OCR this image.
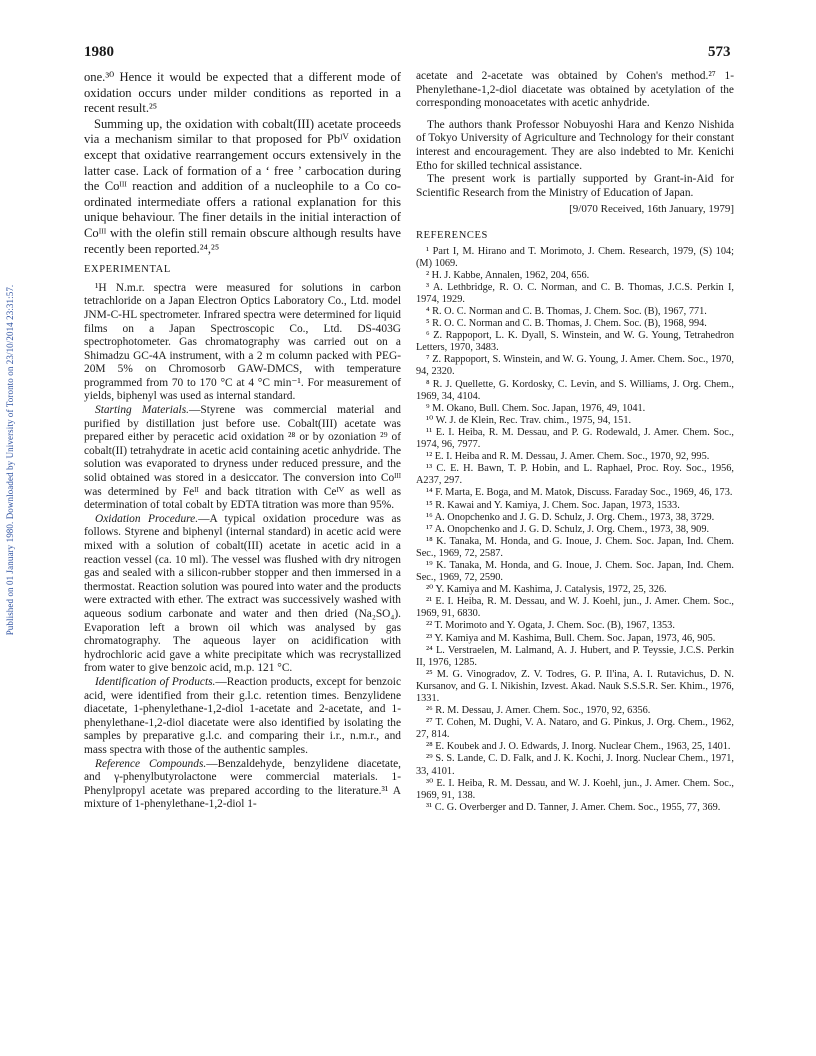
Published on 01 January 1980. Downloaded by University of Toronto on 23/10/2014 23:31:57.
1980	573

one.³⁰ Hence it would be expected that a different mode of oxidation occurs under milder conditions as reported in a recent result.²⁵

Summing up, the oxidation with cobalt(III) acetate proceeds via a mechanism similar to that proposed for Pbᴵⱽ oxidation except that oxidative rearrangement occurs extensively in the latter case. Lack of formation of a ‘ free ’ carbocation during the Coᴵᴵᴵ reaction and addition of a nucleophile to a Co co-ordinated intermediate offers a rational explanation for this unique behaviour. The finer details in the initial interaction of Coᴵᴵᴵ with the olefin still remain obscure although results have recently been reported.²⁴,²⁵

EXPERIMENTAL

¹H N.m.r. spectra were measured for solutions in carbon tetrachloride on a Japan Electron Optics Laboratory Co., Ltd. model JNM-C-HL spectrometer. Infrared spectra were determined for liquid films on a Japan Spectroscopic Co., Ltd. DS-403G spectrophotometer. Gas chromatography was carried out on a Shimadzu GC-4A instrument, with a 2 m column packed with PEG-20M 5% on Chromosorb GAW-DMCS, with temperature programmed from 70 to 170 °C at 4 °C min⁻¹. For measurement of yields, biphenyl was used as internal standard.

Starting Materials.—Styrene was commercial material and purified by distillation just before use. Cobalt(III) acetate was prepared either by peracetic acid oxidation ²⁸ or by ozoniation ²⁹ of cobalt(II) tetrahydrate in acetic acid containing acetic anhydride. The solution was evaporated to dryness under reduced pressure, and the solid obtained was stored in a desiccator. The conversion into Coᴵᴵᴵ was determined by Feᴵᴵ and back titration with Ceᴵⱽ as well as determination of total cobalt by EDTA titration was more than 95%.

Oxidation Procedure.—A typical oxidation procedure was as follows. Styrene and biphenyl (internal standard) in acetic acid were mixed with a solution of cobalt(III) acetate in acetic acid in a reaction vessel (ca. 10 ml). The vessel was flushed with dry nitrogen gas and sealed with a silicon-rubber stopper and then immersed in a thermostat. Reaction solution was poured into water and the products were extracted with ether. The extract was successively washed with aqueous sodium carbonate and water and then dried (Na₂SO₄). Evaporation left a brown oil which was analysed by gas chromatography. The aqueous layer on acidification with hydrochloric acid gave a white precipitate which was recrystallized from water to give benzoic acid, m.p. 121 °C.

Identification of Products.—Reaction products, except for benzoic acid, were identified from their g.l.c. retention times. Benzylidene diacetate, 1-phenylethane-1,2-diol 1-acetate and 2-acetate, and 1-phenylethane-1,2-diol diacetate were also identified by isolating the samples by preparative g.l.c. and comparing their i.r., n.m.r., and mass spectra with those of the authentic samples.

Reference Compounds.—Benzaldehyde, benzylidene diacetate, and γ-phenylbutyrolactone were commercial materials. 1-Phenylpropyl acetate was prepared according to the literature.³¹ A mixture of 1-phenylethane-1,2-diol 1-

acetate and 2-acetate was obtained by Cohen's method.²⁷ 1-Phenylethane-1,2-diol diacetate was obtained by acetylation of the corresponding monoacetates with acetic anhydride.

The authors thank Professor Nobuyoshi Hara and Kenzo Nishida of Tokyo University of Agriculture and Technology for their constant interest and encouragement. They are also indebted to Mr. Kenichi Etho for skilled technical assistance.

The present work is partially supported by Grant-in-Aid for Scientific Research from the Ministry of Education of Japan.

[9/070 Received, 16th January, 1979]
REFERENCES

¹ Part I, M. Hirano and T. Morimoto, J. Chem. Research, 1979, (S) 104; (M) 1069.

² H. J. Kabbe, Annalen, 1962, 204, 656.

³ A. Lethbridge, R. O. C. Norman, and C. B. Thomas, J.C.S. Perkin I, 1974, 1929.

⁴ R. O. C. Norman and C. B. Thomas, J. Chem. Soc. (B), 1967, 771.

⁵ R. O. C. Norman and C. B. Thomas, J. Chem. Soc. (B), 1968, 994.

⁶ Z. Rappoport, L. K. Dyall, S. Winstein, and W. G. Young, Tetrahedron Letters, 1970, 3483.

⁷ Z. Rappoport, S. Winstein, and W. G. Young, J. Amer. Chem. Soc., 1970, 94, 2320.

⁸ R. J. Quellette, G. Kordosky, C. Levin, and S. Williams, J. Org. Chem., 1969, 34, 4104.

⁹ M. Okano, Bull. Chem. Soc. Japan, 1976, 49, 1041.

¹⁰ W. J. de Klein, Rec. Trav. chim., 1975, 94, 151.

¹¹ E. I. Heiba, R. M. Dessau, and P. G. Rodewald, J. Amer. Chem. Soc., 1974, 96, 7977.

¹² E. I. Heiba and R. M. Dessau, J. Amer. Chem. Soc., 1970, 92, 995.

¹³ C. E. H. Bawn, T. P. Hobin, and L. Raphael, Proc. Roy. Soc., 1956, A237, 297.

¹⁴ F. Marta, E. Boga, and M. Matok, Discuss. Faraday Soc., 1969, 46, 173.

¹⁵ R. Kawai and Y. Kamiya, J. Chem. Soc. Japan, 1973, 1533.

¹⁶ A. Onopchenko and J. G. D. Schulz, J. Org. Chem., 1973, 38, 3729.

¹⁷ A. Onopchenko and J. G. D. Schulz, J. Org. Chem., 1973, 38, 909.

¹⁸ K. Tanaka, M. Honda, and G. Inoue, J. Chem. Soc. Japan, Ind. Chem. Sec., 1969, 72, 2587.

¹⁹ K. Tanaka, M. Honda, and G. Inoue, J. Chem. Soc. Japan, Ind. Chem. Sec., 1969, 72, 2590.

²⁰ Y. Kamiya and M. Kashima, J. Catalysis, 1972, 25, 326.

²¹ E. I. Heiba, R. M. Dessau, and W. J. Koehl, jun., J. Amer. Chem. Soc., 1969, 91, 6830.

²² T. Morimoto and Y. Ogata, J. Chem. Soc. (B), 1967, 1353.

²³ Y. Kamiya and M. Kashima, Bull. Chem. Soc. Japan, 1973, 46, 905.

²⁴ L. Verstraelen, M. Lalmand, A. J. Hubert, and P. Teyssie, J.C.S. Perkin II, 1976, 1285.

²⁵ M. G. Vinogradov, Z. V. Todres, G. P. Il'ina, A. I. Rutavichus, D. N. Kursanov, and G. I. Nikishin, Izvest. Akad. Nauk S.S.S.R. Ser. Khim., 1976, 1331.

²⁶ R. M. Dessau, J. Amer. Chem. Soc., 1970, 92, 6356.

²⁷ T. Cohen, M. Dughi, V. A. Nataro, and G. Pinkus, J. Org. Chem., 1962, 27, 814.

²⁸ E. Koubek and J. O. Edwards, J. Inorg. Nuclear Chem., 1963, 25, 1401.

²⁹ S. S. Lande, C. D. Falk, and J. K. Kochi, J. Inorg. Nuclear Chem., 1971, 33, 4101.

³⁰ E. I. Heiba, R. M. Dessau, and W. J. Koehl, jun., J. Amer. Chem. Soc., 1969, 91, 138.

³¹ C. G. Overberger and D. Tanner, J. Amer. Chem. Soc., 1955, 77, 369.
